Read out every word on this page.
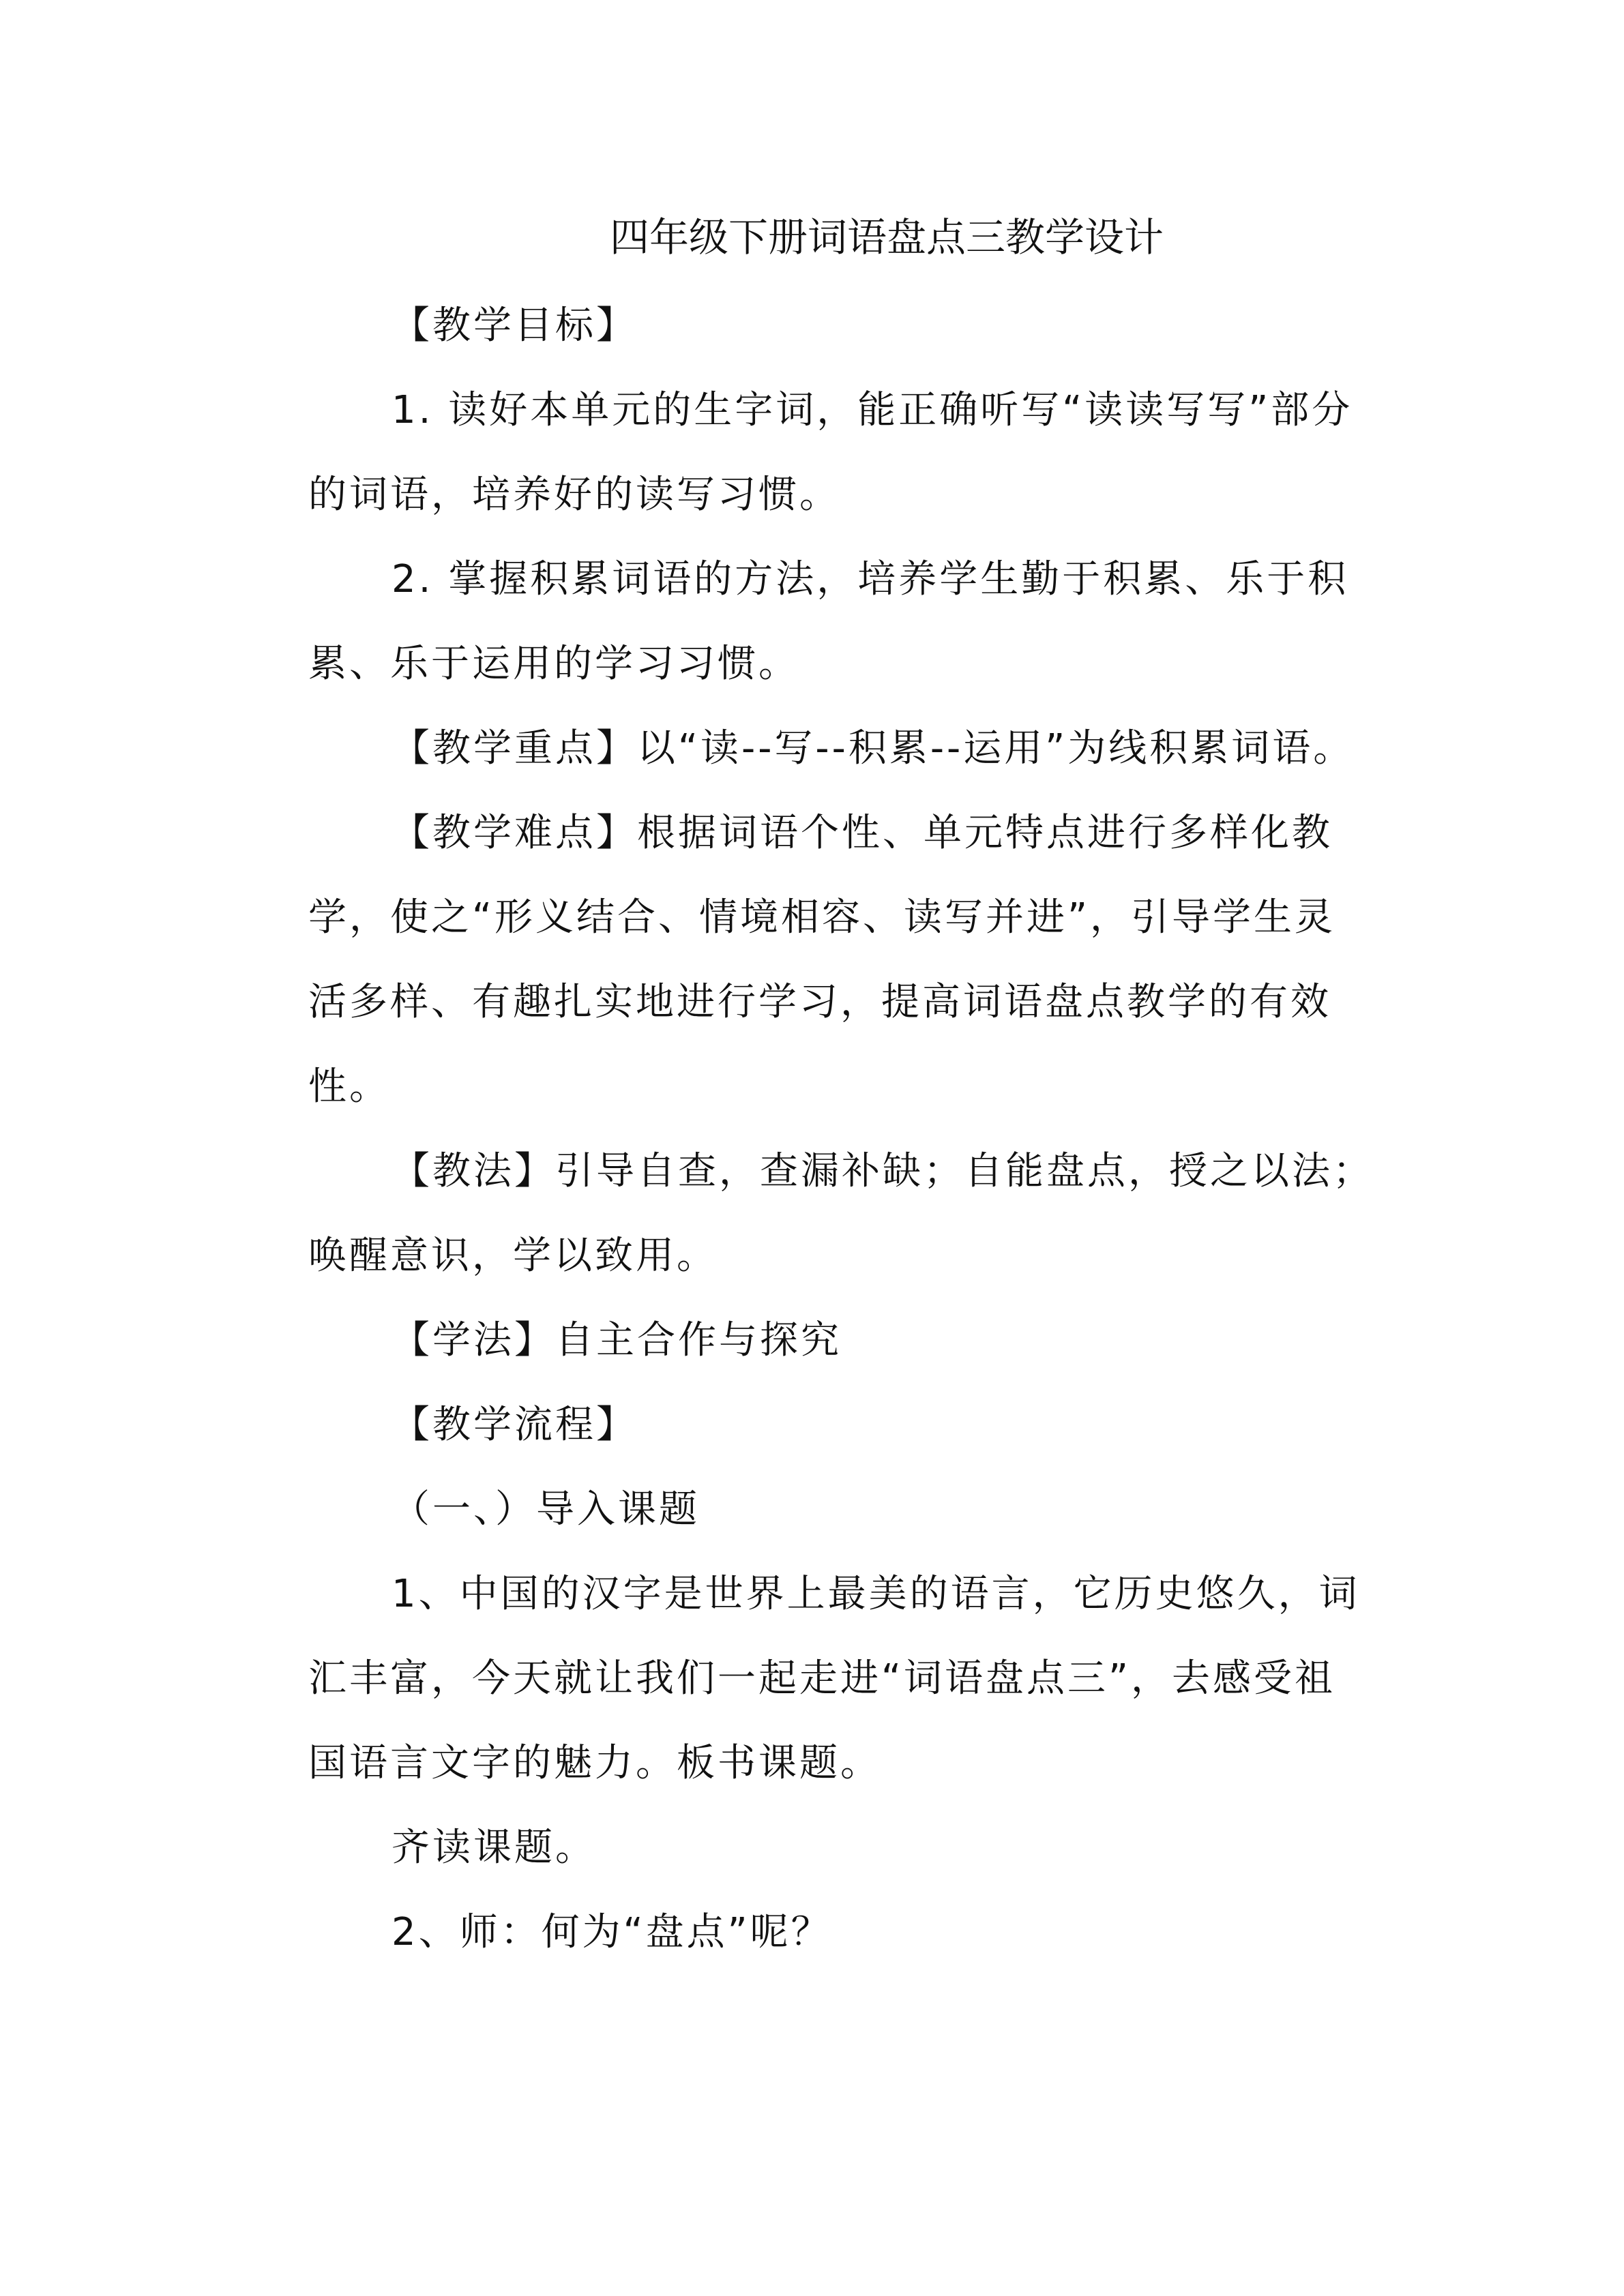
四年级下册词语盘点三教学设计

【教学目标】

1. 读好本单元的生字词，能正确听写“读读写写”部分的词语，培养好的读写习惯。

2. 掌握积累词语的方法，培养学生勤于积累、乐于积累、乐于运用的学习习惯。

【教学重点】以“读--写--积累--运用”为线积累词语。

【教学难点】根据词语个性、单元特点进行多样化教学，使之“形义结合、情境相容、读写并进”，引导学生灵活多样、有趣扎实地进行学习，提高词语盘点教学的有效性。

【教法】引导自查，查漏补缺；自能盘点，授之以法；唤醒意识，学以致用。

【学法】自主合作与探究

【教学流程】

（一、）导入课题

1、中国的汉字是世界上最美的语言，它历史悠久，词汇丰富，今天就让我们一起走进“词语盘点三”，去感受祖国语言文字的魅力。板书课题。

齐读课题。

2、师：何为“盘点”呢？
